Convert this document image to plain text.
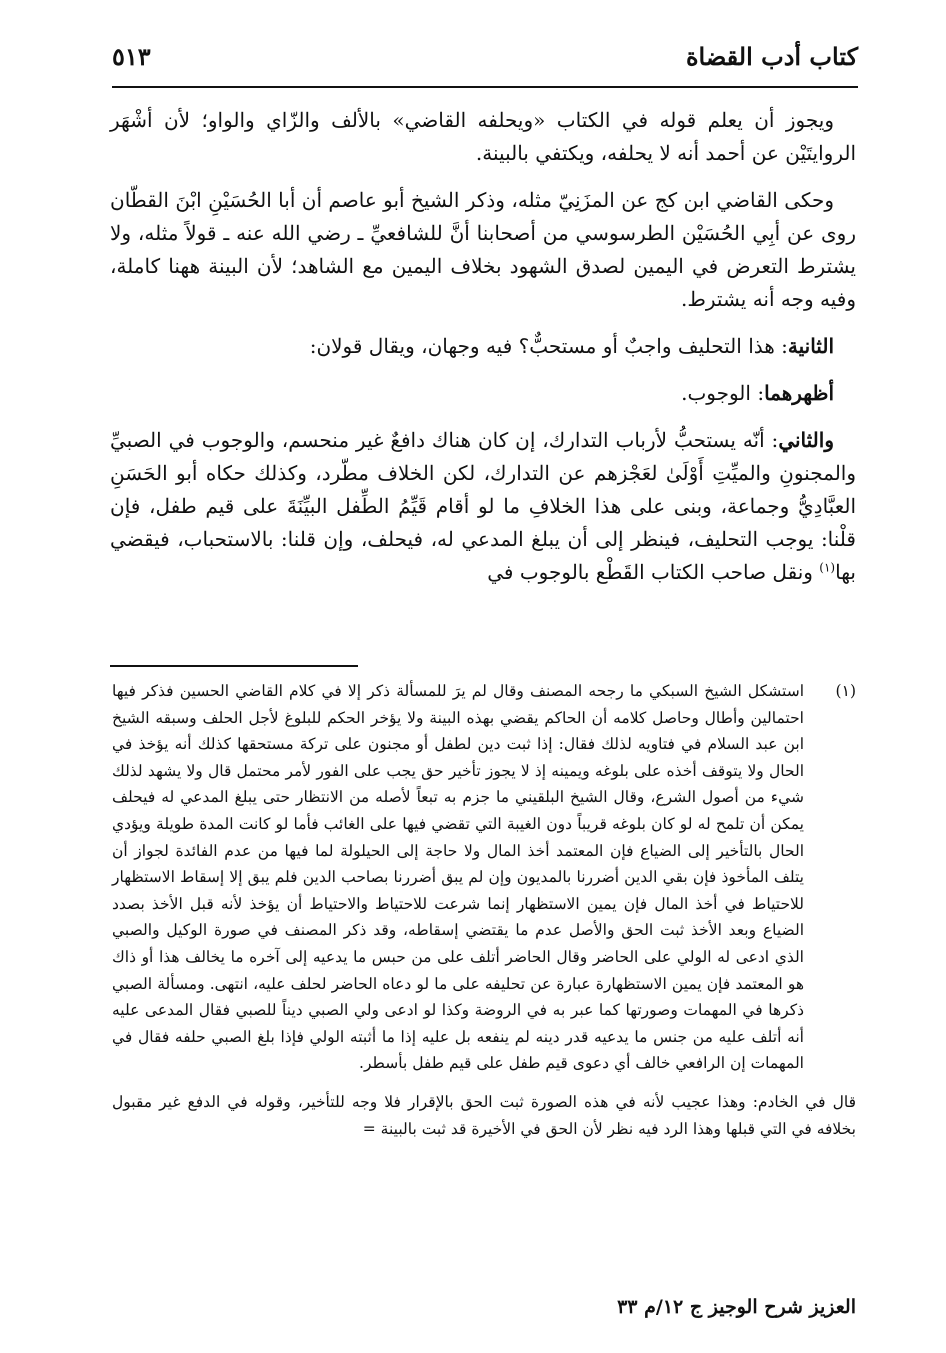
كتاب أدب القضاة
٥١٣

ويجوز أن يعلم قوله في الكتاب «ويحلفه القاضي» بالألف والزّاي والواو؛ لأن أشْهَر الروايتَيْن عن أحمد أنه لا يحلفه، ويكتفي بالبينة.

وحكى القاضي ابن كج عن المزَنِيّ مثله، وذكر الشيخ أبو عاصم أن أبا الحُسَيْنِ ابْنَ القطّان روى عن أبِي الحُسَيْن الطرسوسي من أصحابنا أنَّ للشافعيِّ ـ رضي الله عنه ـ قولاً مثله، ولا يشترط التعرض في اليمين لصدق الشهود بخلاف اليمين مع الشاهد؛ لأن البينة ههنا كاملة، وفيه وجه أنه يشترط.

الثانية: هذا التحليف واجبٌ أو مستحبٌّ؟ فيه وجهان، ويقال قولان:

أظهرهما: الوجوب.

والثاني: أنّه يستحبُّ لأرباب التدارك، إن كان هناك دافعٌ غير منحسم، والوجوب في الصبيِّ والمجنونِ والميِّتِ أَوْلَىٰ لعَجْزهم عن التدارك، لكن الخلاف مطّرد، وكذلك حكاه أبو الحَسَنِ العبَّادِيُّ وجماعة، وبنى على هذا الخلافِ ما لو أقام قَيِّمُ الطِّفل البيِّنَةَ على قيم طفل، فإن قلْنا: يوجب التحليف، فينظر إلى أن يبلغ المدعي له، فيحلف، وإن قلنا: بالاستحباب، فيقضي بها$^{(١)}$ ونقل صاحب الكتاب القَطْع بالوجوب في

(١)
استشكل الشيخ السبكي ما رجحه المصنف وقال لم يرَ للمسألة ذكر إلا في كلام القاضي الحسين فذكر فيها احتمالين وأطال وحاصل كلامه أن الحاكم يقضي بهذه البينة ولا يؤخر الحكم للبلوغ لأجل الحلف وسبقه الشيخ ابن عبد السلام في فتاويه لذلك فقال: إذا ثبت دين لطفل أو مجنون على تركة مستحقها كذلك أنه يؤخذ في الحال ولا يتوقف أخذه على بلوغه ويمينه إذ لا يجوز تأخير حق يجب على الفور لأمر محتمل قال ولا يشهد لذلك شيء من أصول الشرع، وقال الشيخ البلقيني ما جزم به تبعاً لأصله من الانتظار حتى يبلغ المدعي له فيحلف يمكن أن تلمح له لو كان بلوغه قريباً دون الغيبة التي تقضي فيها على الغائب فأما لو كانت المدة طويلة ويؤدي الحال بالتأخير إلى الضياع فإن المعتمد أخذ المال ولا حاجة إلى الحيلولة لما فيها من عدم الفائدة لجواز أن يتلف المأخوذ فإن بقي الدين أضررنا بالمديون وإن لم يبق أضررنا بصاحب الدين فلم يبق إلا إسقاط الاستظهار للاحتياط في أخذ المال فإن يمين الاستظهار إنما شرعت للاحتياط والاحتياط أن يؤخذ لأنه قبل الأخذ بصدد الضياع وبعد الأخذ ثبت الحق والأصل عدم ما يقتضي إسقاطه، وقد ذكر المصنف في صورة الوكيل والصبي الذي ادعى له الولي على الحاضر وقال الحاضر أتلف على من حبس ما يدعيه إلى آخره ما يخالف هذا أو ذاك هو المعتمد فإن يمين الاستظهارة عبارة عن تحليفه على ما لو دعاه الحاضر لحلف عليه، انتهى. ومسألة الصبي ذكرها في المهمات وصورتها كما عبر به في الروضة وكذا لو ادعى ولي الصبي ديناً للصبي فقال المدعى عليه أنه أتلف عليه من جنس ما يدعيه قدر دينه لم ينفعه بل عليه إذا ما أثبته الولي فإذا بلغ الصبي حلفه فقال في المهمات إن الرافعي خالف أي دعوى قيم طفل على قيم طفل بأسطر.

قال في الخادم: وهذا عجيب لأنه في هذه الصورة ثبت الحق بالإقرار فلا وجه للتأخير، وقوله في الدفع غير مقبول بخلافه في التي قبلها وهذا الرد فيه نظر لأن الحق في الأخيرة قد ثبت بالبينة =

العزيز شرح الوجيز ج ١٢/م ٣٣
